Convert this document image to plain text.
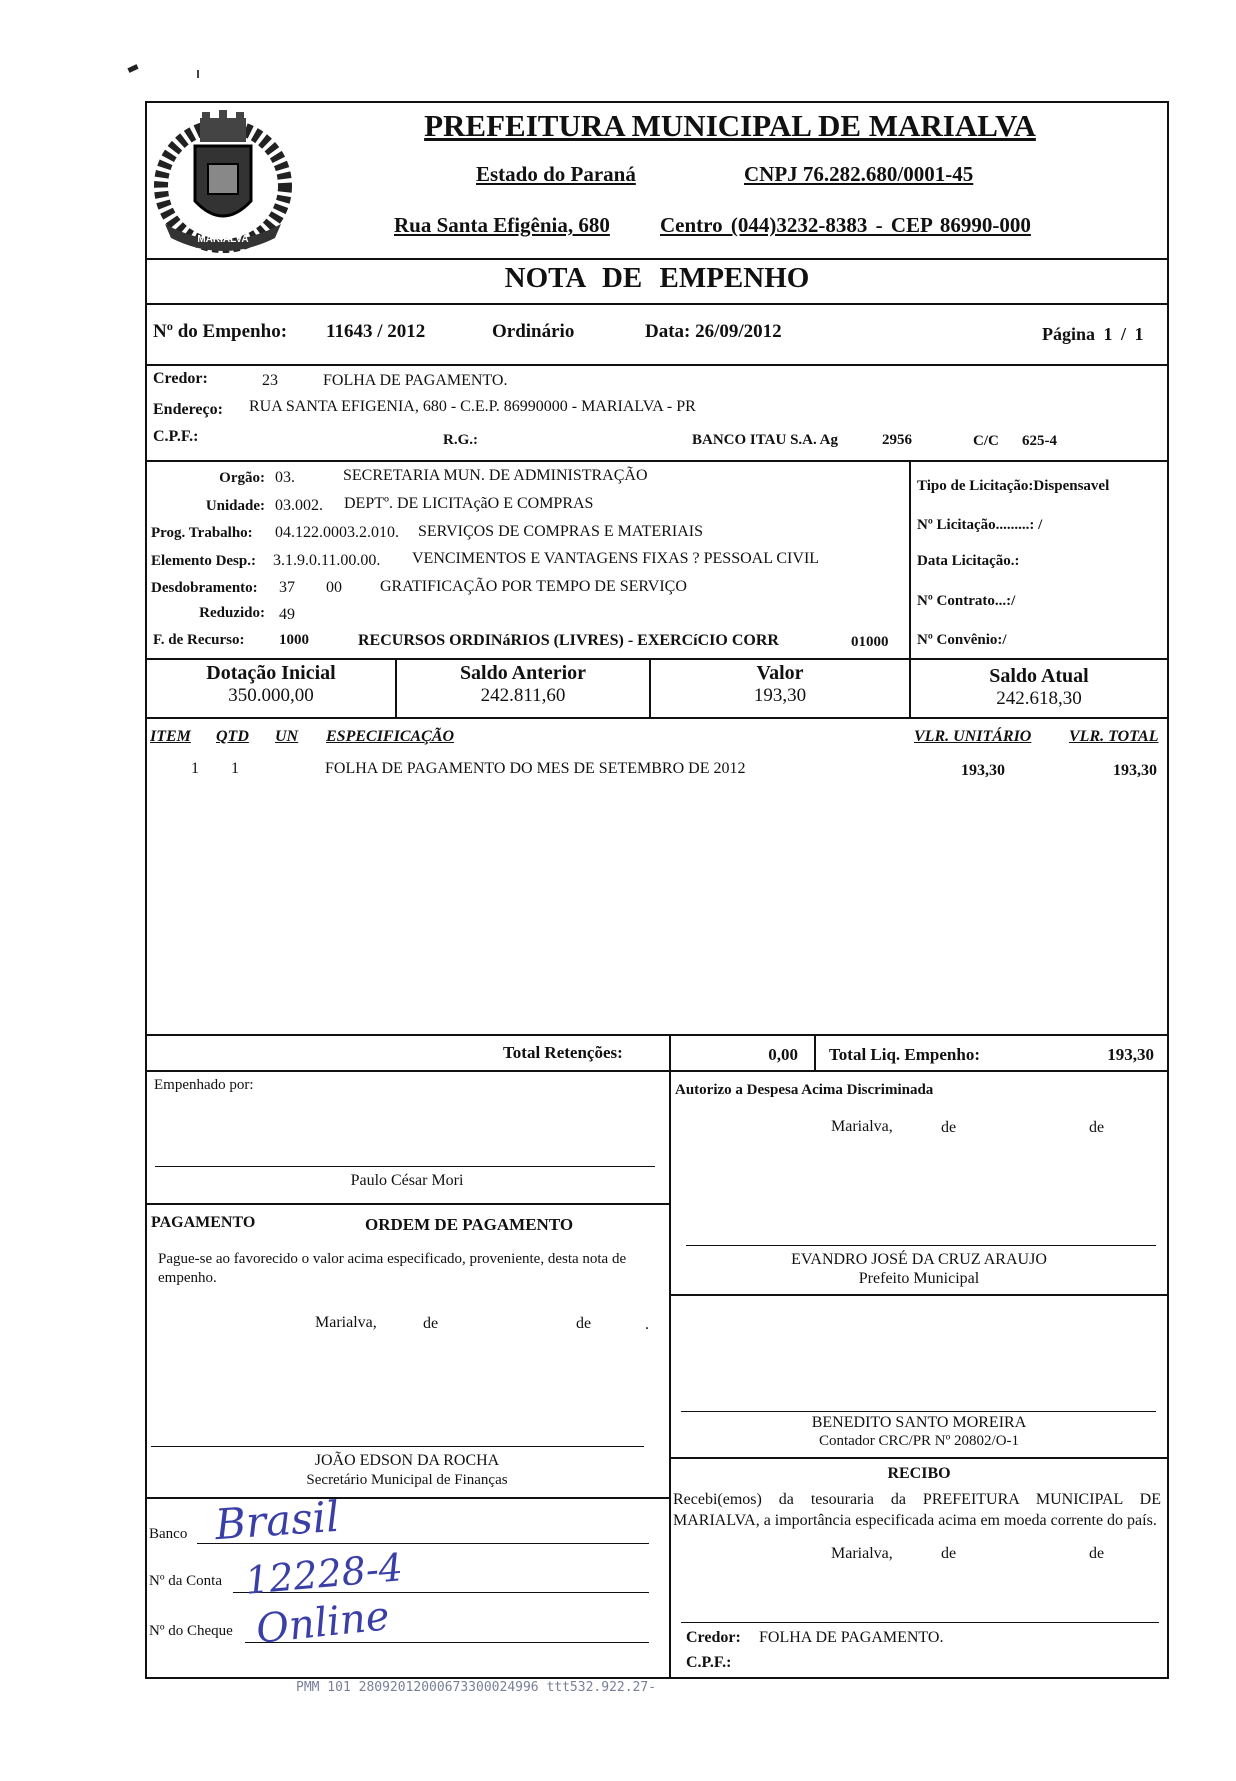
MARIALVA
PREFEITURA MUNICIPAL DE MARIALVA
Estado do Paraná	CNPJ 76.282.680/0001-45
Rua Santa Efigênia, 680 Centro (044)3232-8383 - CEP 86990-000
NOTA DE EMPENHO
Nº do Empenho: 11643 / 2012	Ordinário	Data: 26/09/2012	Página 1 / 1
Credor:	23	FOLHA DE PAGAMENTO.
Endereço: RUA SANTA EFIGENIA, 680 - C.E.P. 86990000 - MARIALVA - PR
C.P.F.:	R.G.:	BANCO ITAU S.A. Ag	2956	C/C 625-4
Orgão: 03.	SECRETARIA MUN. DE ADMINISTRAÇÃO
Unidade: 03.002. DEPTº. DE LICITAçãO E COMPRAS
Prog. Trabalho: 04.122.0003.2.010. SERVIÇOS DE COMPRAS E MATERIAIS
Elemento Desp.: 3.1.9.0.11.00.00. VENCIMENTOS E VANTAGENS FIXAS ? PESSOAL CIVIL
Desdobramento: 37 00 GRATIFICAÇÃO POR TEMPO DE SERVIÇO
Reduzido: 49
F. de Recurso: 1000	RECURSOS ORDINáRIOS (LIVRES) - EXERCíCIO CORR	01000
Tipo de Licitação:Dispensavel
Nº Licitação.........: /
Data Licitação.:
Nº Contrato...:/
Nº Convênio:/
Dotação Inicial
350.000,00
Saldo Anterior
242.811,60
Valor
193,30
Saldo Atual
242.618,30
ITEM QTD UN ESPECIFICAÇÃO	VLR. UNITÁRIO VLR. TOTAL
1 1	FOLHA DE PAGAMENTO DO MES DE SETEMBRO DE 2012	193,30	193,30
Total Retenções:	0,00 Total Liq. Empenho:	193,30
Empenhado por:
Paulo César Mori
PAGAMENTO	ORDEM DE PAGAMENTO
Pague-se ao favorecido o valor acima especificado, proveniente, desta nota de empenho.
Marialva,	de	de	.
JOÃO EDSON DA ROCHA
Secretário Municipal de Finanças
Banco Brasil
Nº da Conta 12228-4
Nº do Cheque Online
Autorizo a Despesa Acima Discriminada
Marialva,	de	de
EVANDRO JOSÉ DA CRUZ ARAUJO
Prefeito Municipal
BENEDITO SANTO MOREIRA
Contador CRC/PR Nº 20802/O-1
RECIBO
Recebi(emos) da tesouraria da PREFEITURA MUNICIPAL DE MARIALVA, a importância especificada acima em moeda corrente do país.
Marialva,	de	de
Credor: FOLHA DE PAGAMENTO.
C.P.F.:
PMM 101 28092012000673300024996 ttt532.922.27-
